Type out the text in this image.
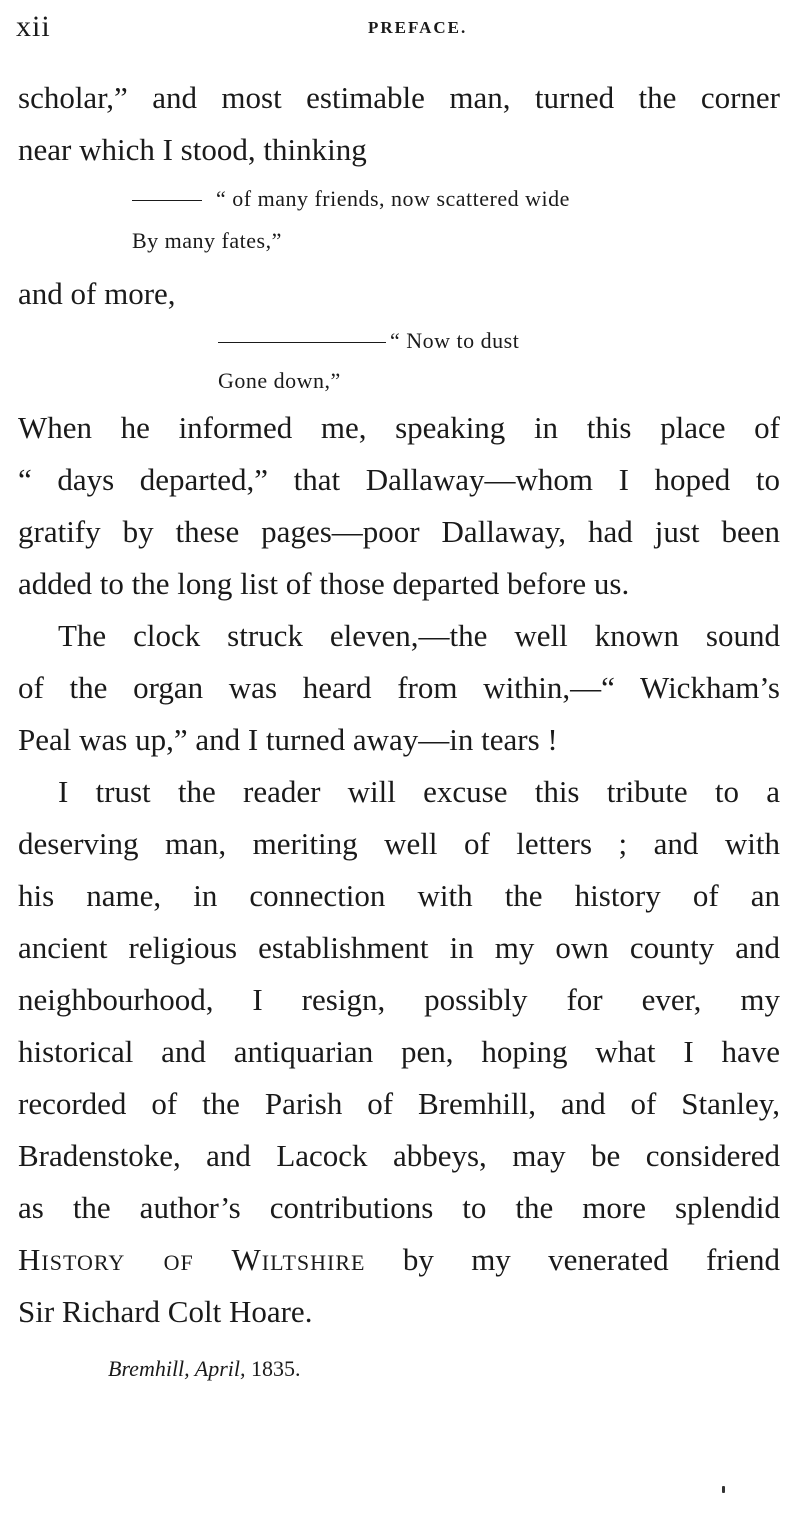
xii	PREFACE.
scholar,” and most estimable man, turned the corner
near which I stood, thinking
“ of many friends, now scattered wide
By many fates,”
and of more,
“ Now to dust
Gone down,”
When he informed me, speaking in this place of
“ days departed,” that Dallaway—whom I hoped to
gratify by these pages—poor Dallaway, had just been
added to the long list of those departed before us.
The clock struck eleven,—the well known sound
of the organ was heard from within,—“ Wickham’s
Peal was up,” and I turned away—in tears !
I trust the reader will excuse this tribute to a
deserving man, meriting well of letters ; and with
his name, in connection with the history of an
ancient religious establishment in my own county and
neighbourhood, I resign, possibly for ever, my
historical and antiquarian pen, hoping what I have
recorded of the Parish of Bremhill, and of Stanley,
Bradenstoke, and Lacock abbeys, may be considered
as the author’s contributions to the more splendid
History of Wiltshire by my venerated friend
Sir Richard Colt Hoare.
Bremhill, April, 1835.
